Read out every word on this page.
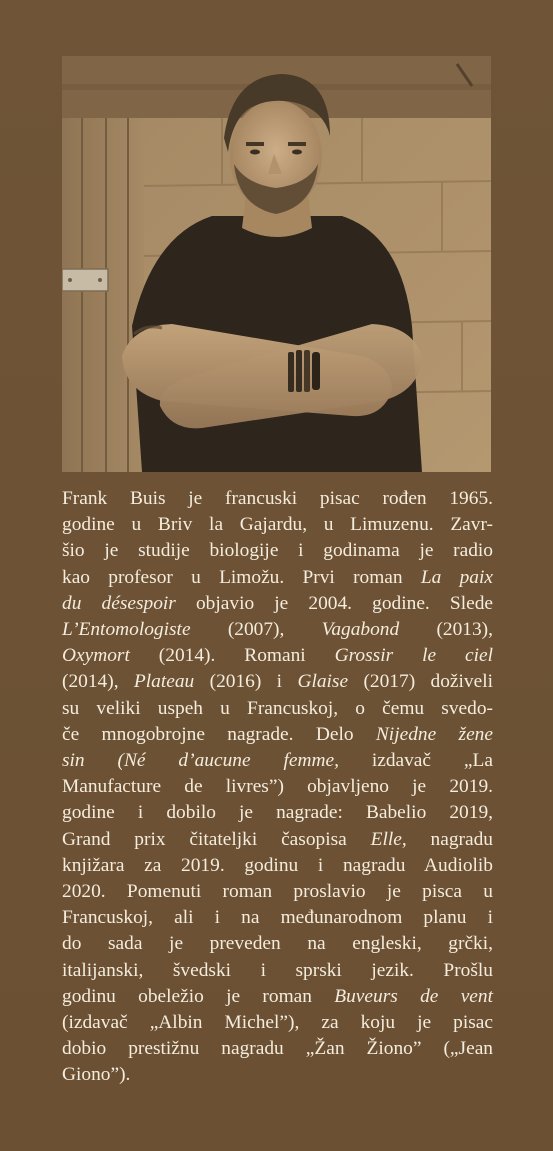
Frank Buis je francuski pisac rođen 1965.
godine u Briv la Gajardu, u Limuzenu. Zavr-
šio je studije biologije i godinama je radio
kao profesor u Limožu. Prvi roman La paix
du désespoir objavio je 2004. godine. Slede
L’Entomologiste (2007), Vagabond (2013),
Oxymort (2014). Romani Grossir le ciel
(2014), Plateau (2016) i Glaise (2017) doživeli
su veliki uspeh u Francuskoj, o čemu svedo-
če mnogobrojne nagrade. Delo Nijedne žene
sin (Né d’aucune femme, izdavač „La
Manufacture de livres”) objavljeno je 2019.
godine i dobilo je nagrade: Babelio 2019,
Grand prix čitateljki časopisa Elle, nagradu
knjižara za 2019. godinu i nagradu Audiolib
2020. Pomenuti roman proslavio je pisca u
Francuskoj, ali i na međunarodnom planu i
do sada je preveden na engleski, grčki,
italijanski, švedski i sprski jezik. Prošlu
godinu obeležio je roman Buveurs de vent
(izdavač „Albin Michel”), za koju je pisac
dobio prestižnu nagradu „Žan Žiono” („Jean
Giono”).
